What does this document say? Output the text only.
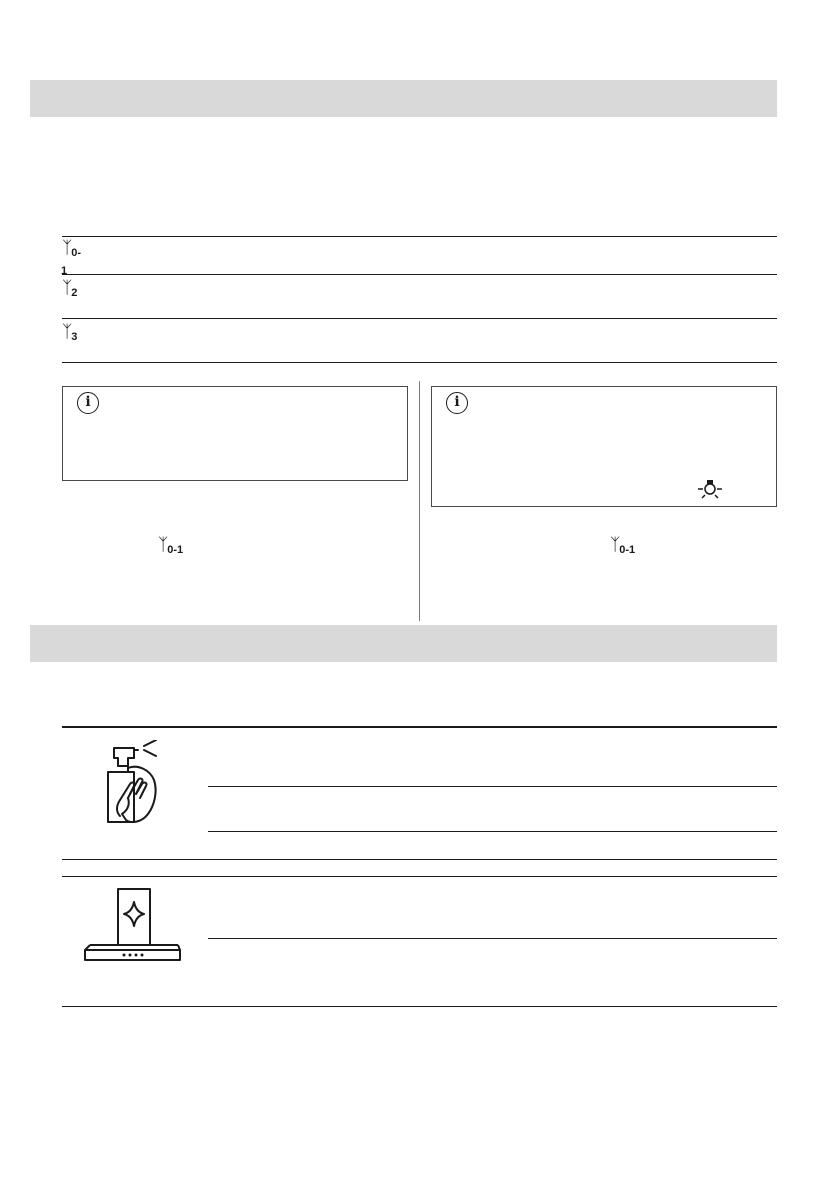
ᛉ0-1
ᛉ2
ᛉ3
i	i
ᛉ0-1	ᛉ0-1
